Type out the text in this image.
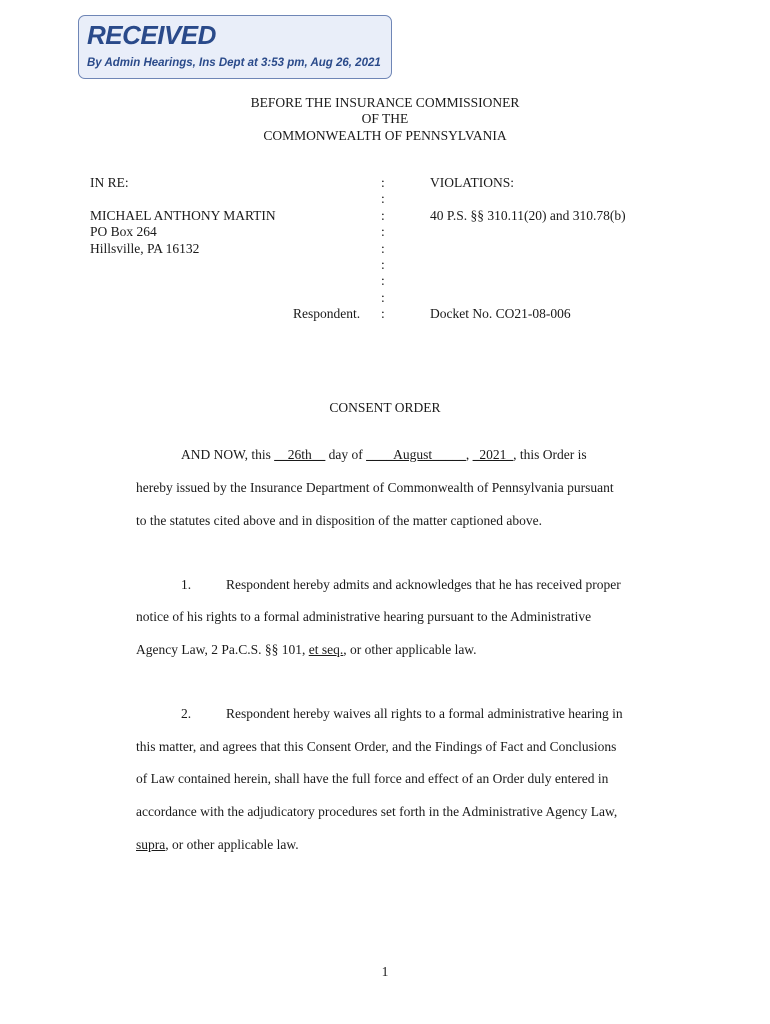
RECEIVED
By Admin Hearings, Ins Dept at 3:53 pm, Aug 26, 2021
BEFORE THE INSURANCE COMMISSIONER
OF THE
COMMONWEALTH OF PENNSYLVANIA
IN RE:
MICHAEL ANTHONY MARTIN
PO Box 264
Hillsville, PA 16132
Respondent.
:
:
:
:
:
:
:
:
:
VIOLATIONS:
40 P.S. §§ 310.11(20) and 310.78(b)
Docket No. CO21-08-006
CONSENT ORDER
AND NOW, this __26th__ day of ____August_____, _2021_, this Order is
hereby issued by the Insurance Department of Commonwealth of Pennsylvania pursuant
to the statutes cited above and in disposition of the matter captioned above.
1.	Respondent hereby admits and acknowledges that he has received proper
notice of his rights to a formal administrative hearing pursuant to the Administrative
Agency Law, 2 Pa.C.S. §§ 101, et seq., or other applicable law.
2.	Respondent hereby waives all rights to a formal administrative hearing in
this matter, and agrees that this Consent Order, and the Findings of Fact and Conclusions
of Law contained herein, shall have the full force and effect of an Order duly entered in
accordance with the adjudicatory procedures set forth in the Administrative Agency Law,
supra, or other applicable law.
1
